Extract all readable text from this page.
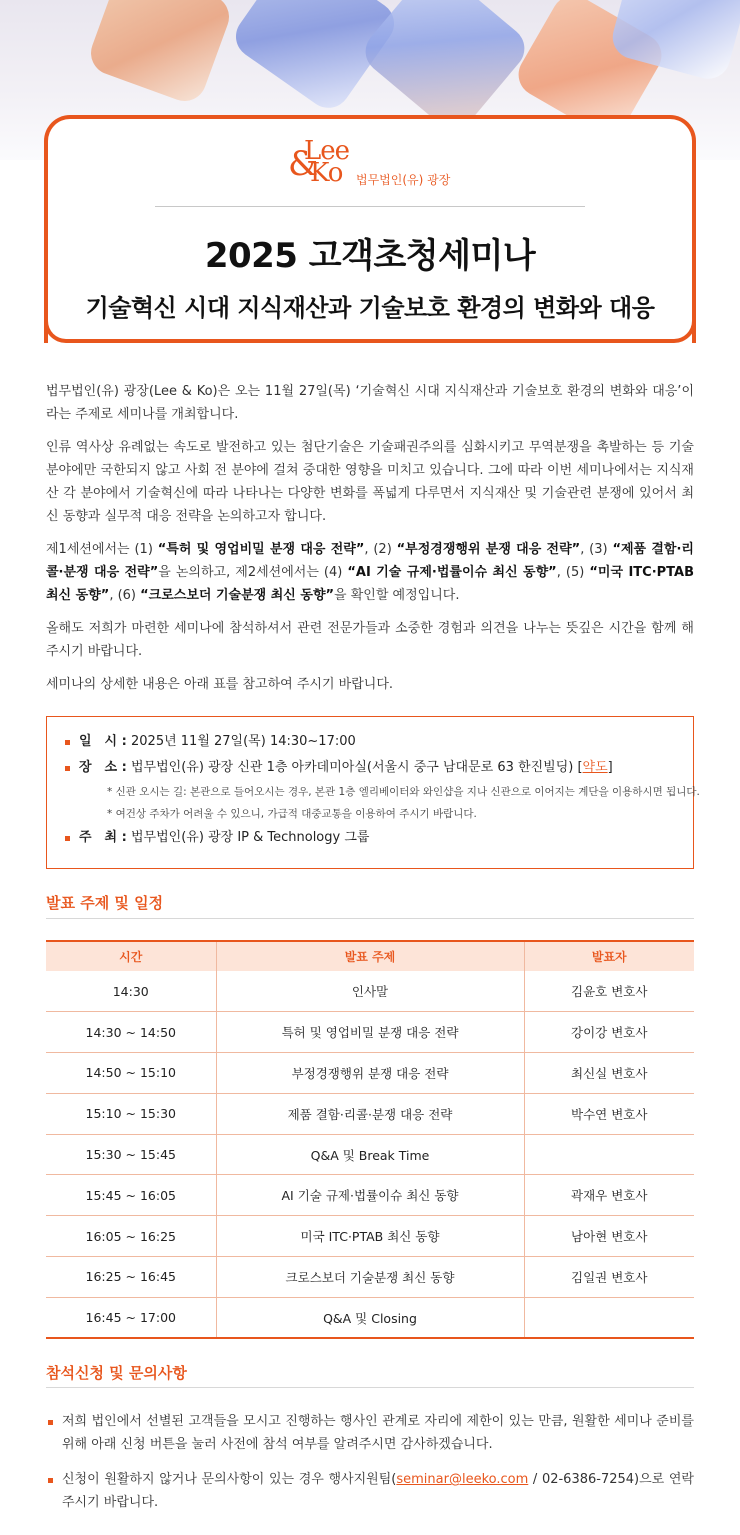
&
Lee
Ko 법무법인(유) 광장
2025 고객초청세미나
기술혁신 시대 지식재산과 기술보호 환경의 변화와 대응

법무법인(유) 광장(Lee & Ko)은 오는 11월 27일(목) ‘기술혁신 시대 지식재산과 기술보호 환경의 변화와 대응’이라는 주제로 세미나를 개최합니다.

인류 역사상 유례없는 속도로 발전하고 있는 첨단기술은 기술패권주의를 심화시키고 무역분쟁을 촉발하는 등 기술 분야에만 국한되지 않고 사회 전 분야에 걸쳐 중대한 영향을 미치고 있습니다. 그에 따라 이번 세미나에서는 지식재산 각 분야에서 기술혁신에 따라 나타나는 다양한 변화를 폭넓게 다루면서 지식재산 및 기술관련 분쟁에 있어서 최신 동향과 실무적 대응 전략을 논의하고자 합니다.

제1세션에서는 (1) “특허 및 영업비밀 분쟁 대응 전략”, (2) “부정경쟁행위 분쟁 대응 전략”, (3) “제품 결함·리콜·분쟁 대응 전략”을 논의하고, 제2세션에서는 (4) “AI 기술 규제·법률이슈 최신 동향”, (5) “미국 ITC·PTAB 최신 동향”, (6) “크로스보더 기술분쟁 최신 동향”을 확인할 예정입니다.

올해도 저희가 마련한 세미나에 참석하셔서 관련 전문가들과 소중한 경험과 의견을 나누는 뜻깊은 시간을 함께 해주시기 바랍니다.

세미나의 상세한 내용은 아래 표를 참고하여 주시기 바랍니다.

일　시 : 2025년 11월 27일(목) 14:30~17:00
장　소 : 법무법인(유) 광장 신관 1층 아카데미아실(서울시 중구 남대문로 63 한진빌딩) [약도]
* 신관 오시는 길: 본관으로 들어오시는 경우, 본관 1층 엘리베이터와 와인샵을 지나 신관으로 이어지는 계단을 이용하시면 됩니다.
* 여건상 주차가 어려울 수 있으니, 가급적 대중교통을 이용하여 주시기 바랍니다.
주　최 : 법무법인(유) 광장 IP & Technology 그룹
발표 주제 및 일정
시간	발표 주제	발표자
14:30	인사말	김윤호 변호사
14:30 ~ 14:50	특허 및 영업비밀 분쟁 대응 전략	강이강 변호사
14:50 ~ 15:10	부정경쟁행위 분쟁 대응 전략	최신실 변호사
15:10 ~ 15:30	제품 결함·리콜·분쟁 대응 전략	박수연 변호사
15:30 ~ 15:45	Q&A 및 Break Time	
15:45 ~ 16:05	AI 기술 규제·법률이슈 최신 동향	곽재우 변호사
16:05 ~ 16:25	미국 ITC·PTAB 최신 동향	남아현 변호사
16:25 ~ 16:45	크로스보더 기술분쟁 최신 동향	김일권 변호사
16:45 ~ 17:00	Q&A 및 Closing	
참석신청 및 문의사항
저희 법인에서 선별된 고객들을 모시고 진행하는 행사인 관계로 자리에 제한이 있는 만큼, 원활한 세미나 준비를 위해 아래 신청 버튼을 눌러 사전에 참석 여부를 알려주시면 감사하겠습니다.
신청이 원활하지 않거나 문의사항이 있는 경우 행사지원팀(seminar@leeko.com / 02-6386-7254)으로 연락 주시기 바랍니다.
